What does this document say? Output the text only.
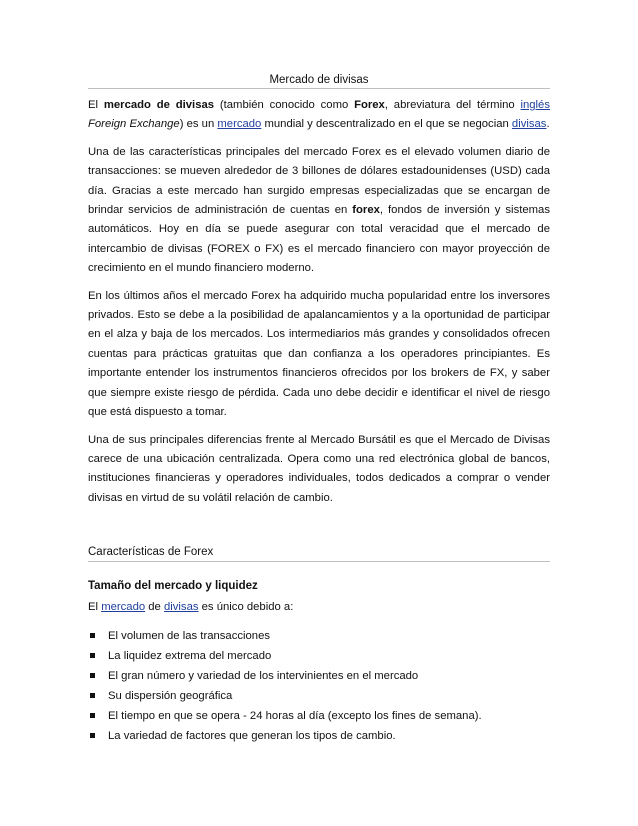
Mercado de divisas

El mercado de divisas (también conocido como Forex, abreviatura del término inglés Foreign Exchange) es un mercado mundial y descentralizado en el que se negocian divisas.

Una de las características principales del mercado Forex es el elevado volumen diario de transacciones: se mueven alrededor de 3 billones de dólares estadounidenses (USD) cada día. Gracias a este mercado han surgido empresas especializadas que se encargan de brindar servicios de administración de cuentas en forex, fondos de inversión y sistemas automáticos. Hoy en día se puede asegurar con total veracidad que el mercado de intercambio de divisas (FOREX o FX) es el mercado financiero con mayor proyección de crecimiento en el mundo financiero moderno.

En los últimos años el mercado Forex ha adquirido mucha popularidad entre los inversores privados. Esto se debe a la posibilidad de apalancamientos y a la oportunidad de participar en el alza y baja de los mercados. Los intermediarios más grandes y consolidados ofrecen cuentas para prácticas gratuitas que dan confianza a los operadores principiantes. Es importante entender los instrumentos financieros ofrecidos por los brokers de FX, y saber que siempre existe riesgo de pérdida. Cada uno debe decidir e identificar el nivel de riesgo que está dispuesto a tomar.

Una de sus principales diferencias frente al Mercado Bursátil es que el Mercado de Divisas carece de una ubicación centralizada. Opera como una red electrónica global de bancos, instituciones financieras y operadores individuales, todos dedicados a comprar o vender divisas en virtud de su volátil relación de cambio.

Características de Forex
Tamaño del mercado y liquidez
El mercado de divisas es único debido a:
El volumen de las transacciones
La liquidez extrema del mercado
El gran número y variedad de los intervinientes en el mercado
Su dispersión geográfica
El tiempo en que se opera - 24 horas al día (excepto los fines de semana).
La variedad de factores que generan los tipos de cambio.
